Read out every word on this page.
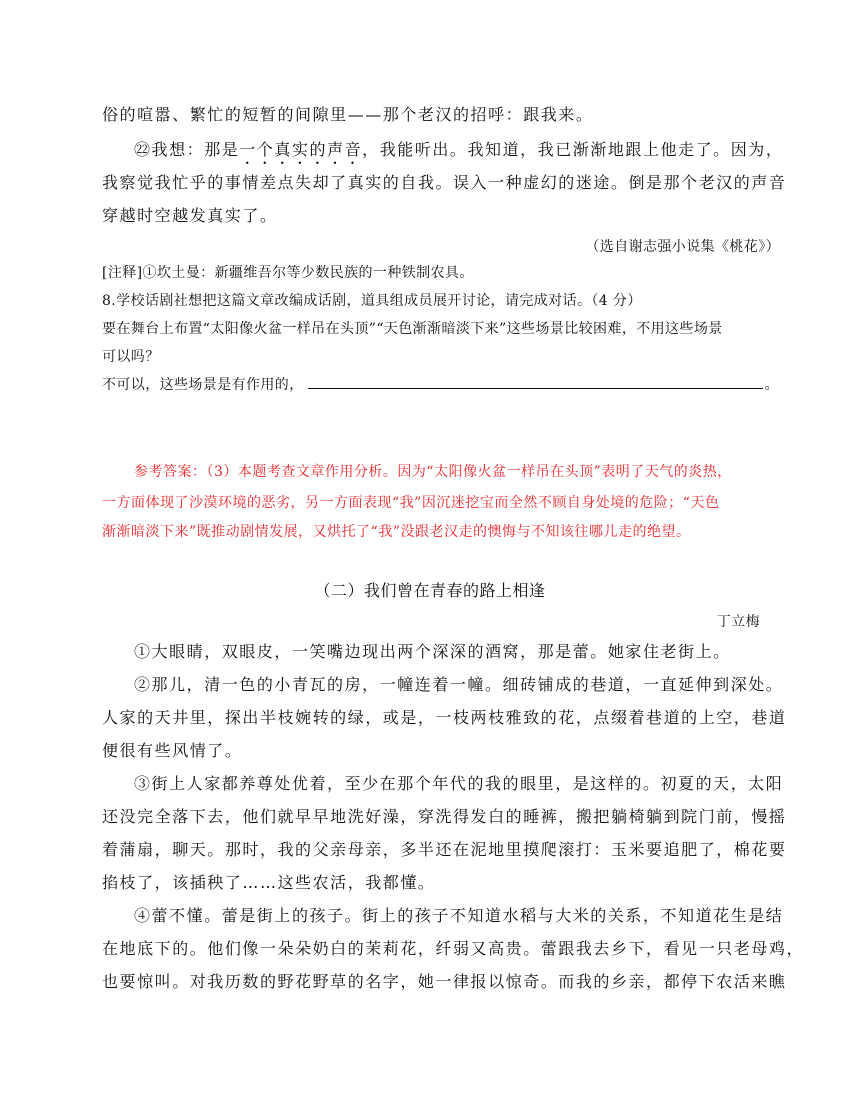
俗的喧嚣、繁忙的短暂的间隙里——那个老汉的招呼：跟我来。
㉒我想：那是一个真实的声音，我能听出。我知道，我已渐渐地跟上他走了。因为，
我察觉我忙乎的事情差点失却了真实的自我。误入一种虚幻的迷途。倒是那个老汉的声音
穿越时空越发真实了。
（选自谢志强小说集《桃花》）
[注释]①坎土曼：新疆维吾尔等少数民族的一种铁制农具。
8.学校话剧社想把这篇文章改编成话剧，道具组成员展开讨论，请完成对话。（4 分）
要在舞台上布置“太阳像火盆一样吊在头顶”“天色渐渐暗淡下来”这些场景比较困难，不用这些场景
可以吗？
不可以，这些场景是有作用的，	。
参考答案：（3）本题考查文章作用分析。因为“太阳像火盆一样吊在头顶”表明了天气的炎热，
一方面体现了沙漠环境的恶劣，另一方面表现“我”因沉迷挖宝而全然不顾自身处境的危险；“天色
渐渐暗淡下来”既推动剧情发展，又烘托了“我”没跟老汉走的懊悔与不知该往哪儿走的绝望。
（二）我们曾在青春的路上相逢
丁立梅
①大眼睛，双眼皮，一笑嘴边现出两个深深的酒窝，那是蕾。她家住老街上。
②那儿，清一色的小青瓦的房，一幢连着一幢。细砖铺成的巷道，一直延伸到深处。
人家的天井里，探出半枝婉转的绿，或是，一枝两枝雅致的花，点缀着巷道的上空，巷道
便很有些风情了。
③街上人家都养尊处优着，至少在那个年代的我的眼里，是这样的。初夏的天，太阳
还没完全落下去，他们就早早地洗好澡，穿洗得发白的睡裤，搬把躺椅躺到院门前，慢摇
着蒲扇，聊天。那时，我的父亲母亲，多半还在泥地里摸爬滚打：玉米要追肥了，棉花要
掐枝了，该插秧了……这些农活，我都懂。
④蕾不懂。蕾是街上的孩子。街上的孩子不知道水稻与大米的关系，不知道花生是结
在地底下的。他们像一朵朵奶白的茉莉花，纤弱又高贵。蕾跟我去乡下，看见一只老母鸡，
也要惊叫。对我历数的野花野草的名字，她一律报以惊奇。而我的乡亲，都停下农活来瞧
